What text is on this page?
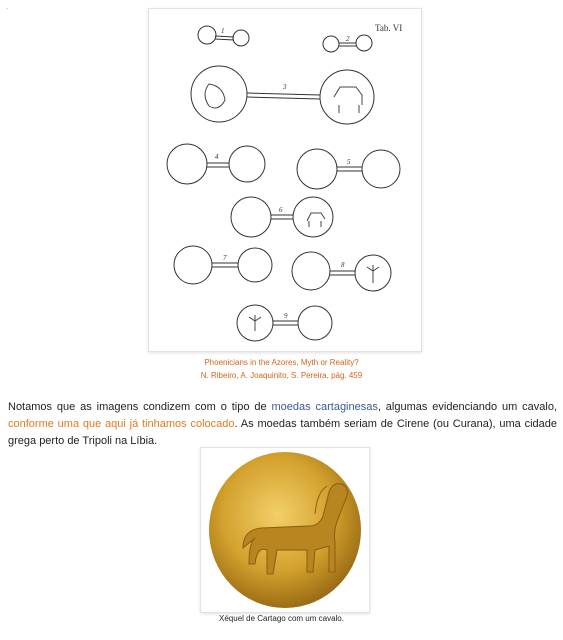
.
1
2
3
4
5
6
7
8
9
Tab. VI
Phoenicians in the Azores, Myth or Reality?
N. Ribeiro, A. Joaquinito, S. Pereira, pág. 459
Notamos que as imagens condizem com o tipo de moedas cartaginesas, algumas evidenciando um cavalo, conforme uma que aqui já tinhamos colocado. As moedas também seriam de Cirene (ou Curana), uma cidade grega perto de Tripoli na Líbia.
Xéquel de Cartago com um cavalo.
